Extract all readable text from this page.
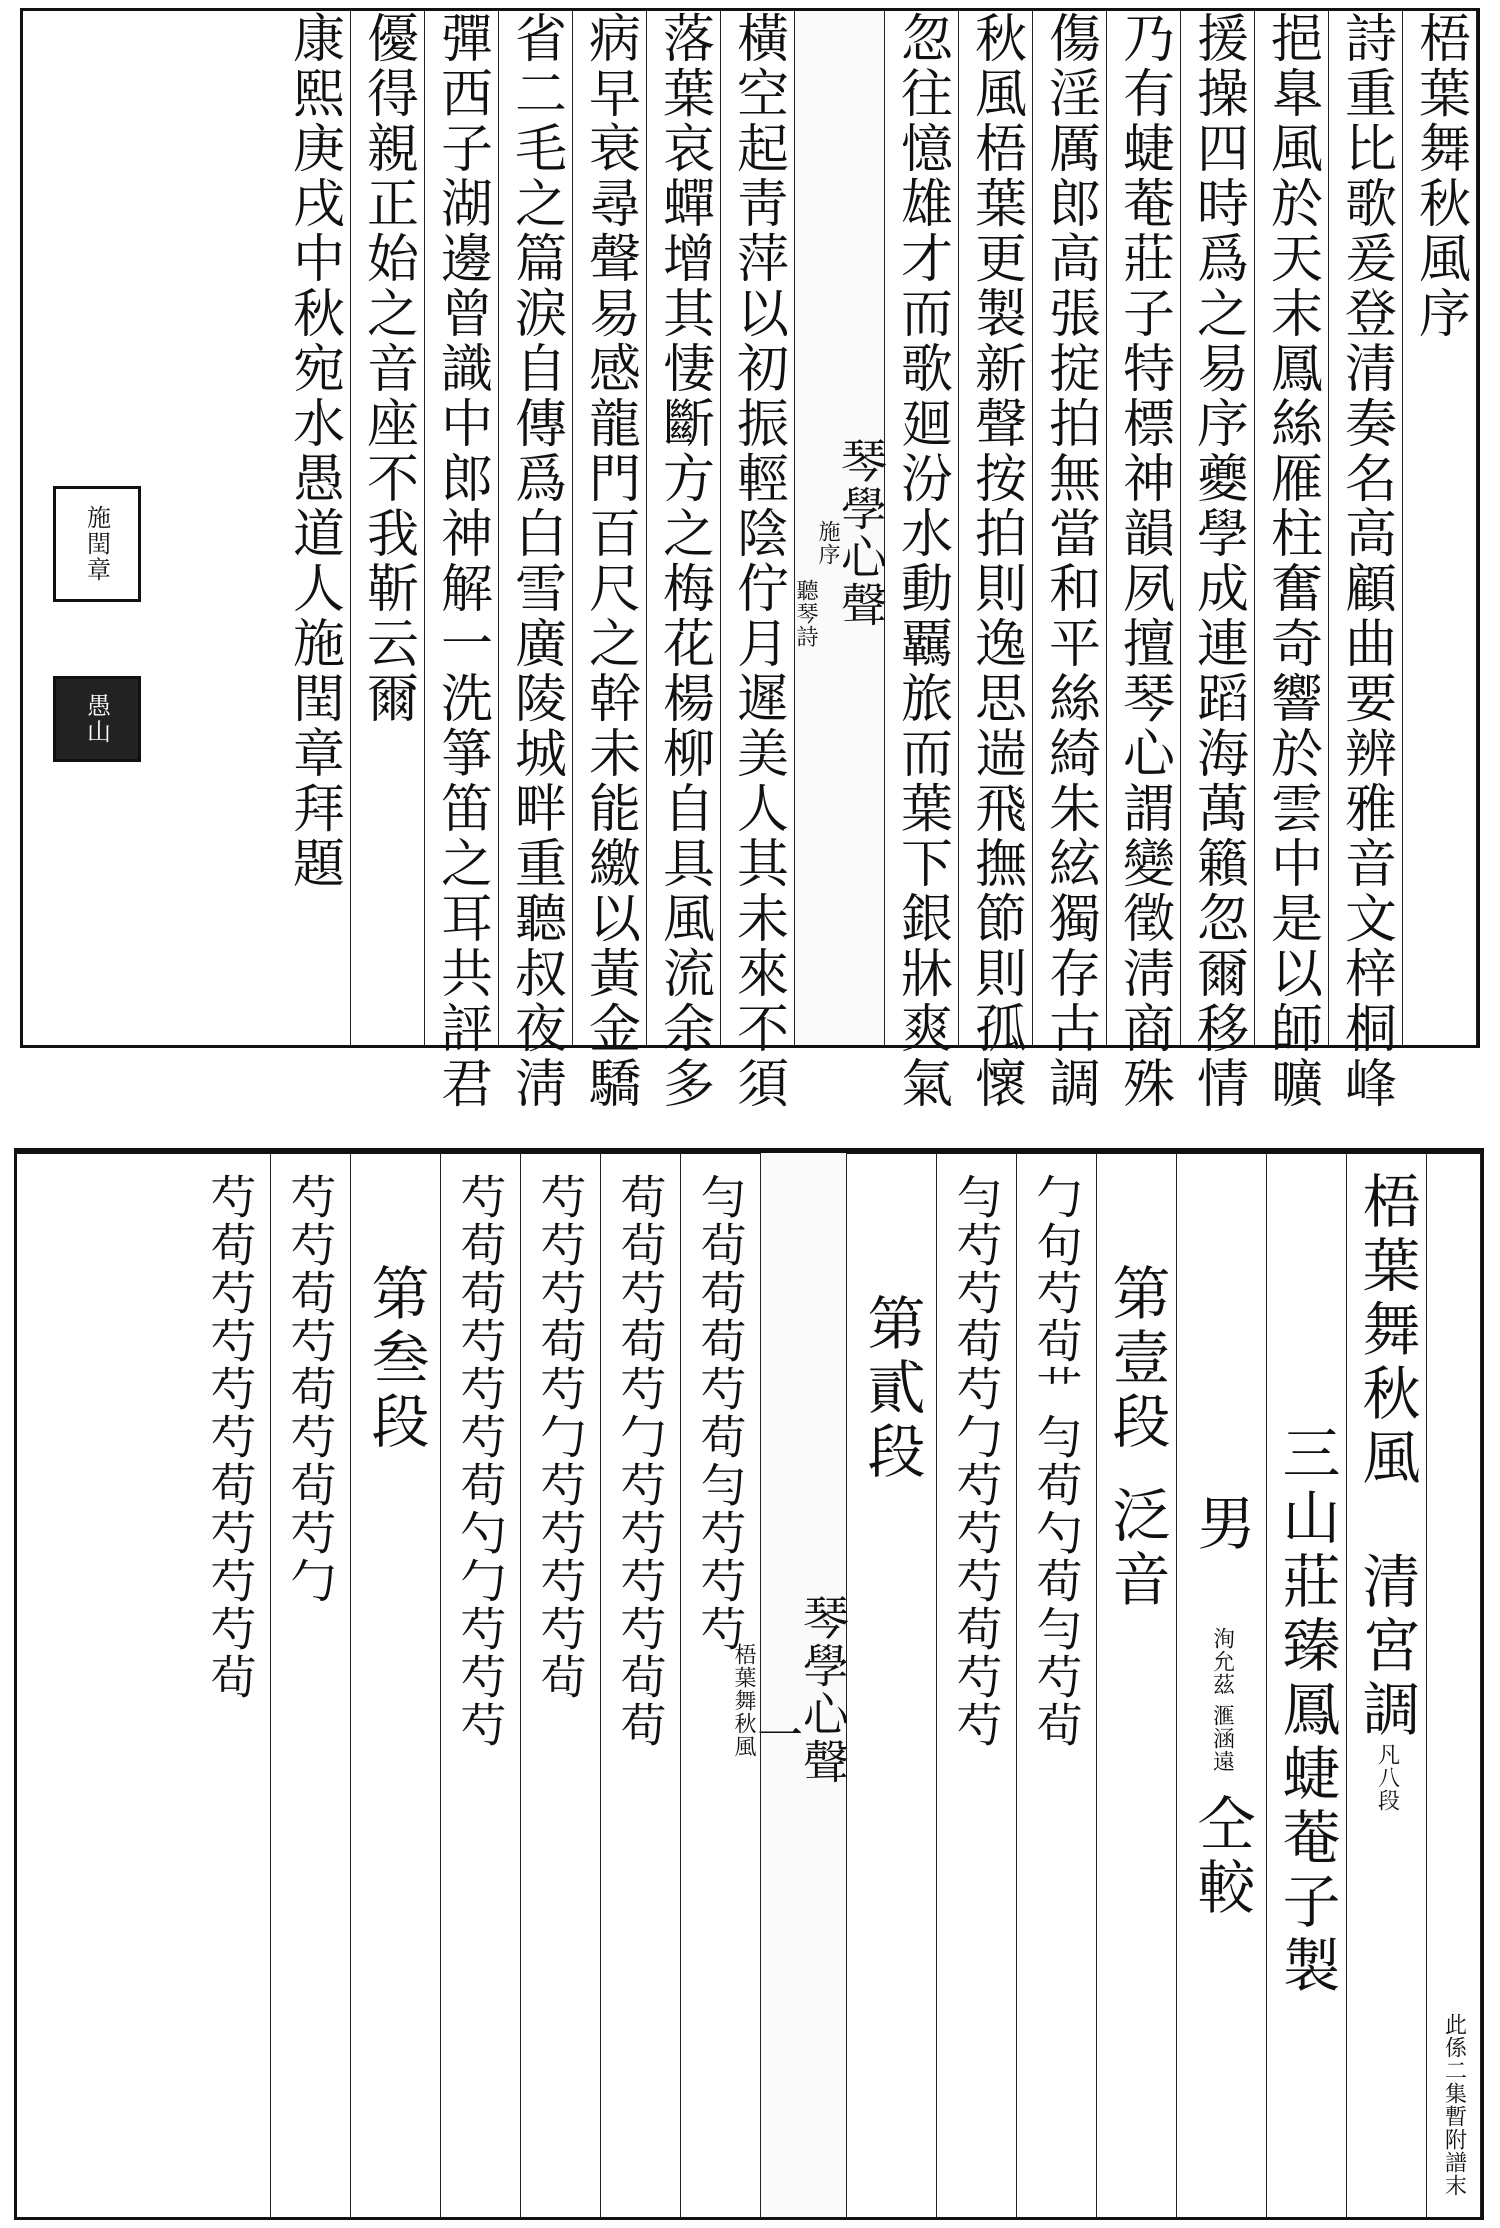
梧葉舞秋風序
詩重比歌爰登清奏名高顧曲要辨雅音文梓桐峰
挹臯風於天末鳳絲雁柱奮奇響於雲中是以師曠
援操四時爲之易序夔學成連蹈海萬籟忽爾移情
乃有蜨菴莊子特標神韻夙擅琴心謂變徵淸商殊
傷淫厲郎高張掟拍無當和平絲綺朱絃獨存古調
秋風梧葉更製新聲按拍則逸思遄飛撫節則孤懷
忽往憶雄才而歌廻汾水動覊旅而葉下銀牀爽氣
琴學心聲
施序
聽琴詩
橫空起靑萍以初振輕陰佇月遲美人其未來不須
落葉哀蟬增其悽斷方之梅花楊柳自具風流余多
病早衰尋聲易感龍門百尺之幹未能繳以黃金驕
省二毛之篇淚自傳爲白雪廣陵城畔重聽叔夜淸
彈西子湖邊曾識中郎神解一洗箏笛之耳共評君
優得親正始之音座不我靳云爾
康熙庚戌中秋宛水愚道人施閏章拜題
施閏章
愚山
此係二集暫附譜末
梧葉舞秋風
清宮調
凡八段
三山莊臻鳳蜨菴子製
男
洵允茲
滙涵遠
仝較
第壹段
泛音
勹句芍茍艹勻苟勺苟勻芍茍
勻芍芍苟芍勹芍芍芍苟芍芍
第貳段
琴學心聲
一
梧葉舞秋風
勻茍苟苟芍苟勻芍芍芍
苟茍芍苟芍勹芍芍芍芍茍苟
芍芍芍苟芍勹芍芍芍芍茍
芍苟苟芍芍芍苟勺勹芍芍芍
第叁段
芍芍苟芍苟芍茍芍勹
芍苟芍芍芍芍苟芍芍芍茍
